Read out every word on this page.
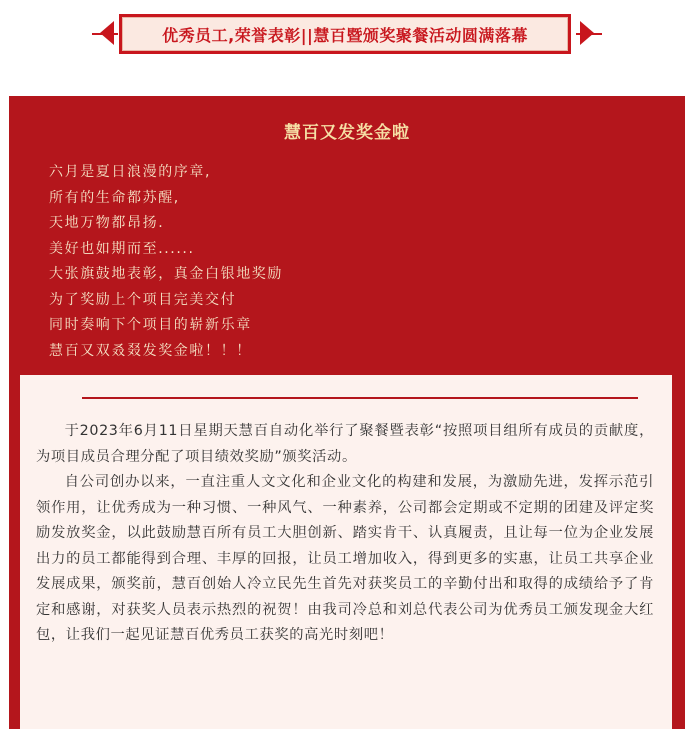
优秀员工,荣誉表彰||慧百暨颁奖聚餐活动圆满落幕
慧百又发奖金啦
六月是夏日浪漫的序章,
所有的生命都苏醒,
天地万物都昂扬.
美好也如期而至......
大张旗鼓地表彰，真金白银地奖励
为了奖励上个项目完美交付
同时奏响下个项目的崭新乐章
慧百又双叒叕发奖金啦！！！

于2023年6月11日星期天慧百自动化举行了聚餐暨表彰“按照项目组所有成员的贡献度，为项目成员合理分配了项目绩效奖励”颁奖活动。

自公司创办以来，一直注重人文文化和企业文化的构建和发展，为激励先进，发挥示范引领作用，让优秀成为一种习惯、一种风气、一种素养，公司都会定期或不定期的团建及评定奖励发放奖金，以此鼓励慧百所有员工大胆创新、踏实肯干、认真履责，且让每一位为企业发展出力的员工都能得到合理、丰厚的回报，让员工增加收入，得到更多的实惠，让员工共享企业发展成果，颁奖前，慧百创始人冷立民先生首先对获奖员工的辛勤付出和取得的成绩给予了肯定和感谢，对获奖人员表示热烈的祝贺！由我司冷总和刘总代表公司为优秀员工颁发现金大红包，让我们一起见证慧百优秀员工获奖的高光时刻吧！
